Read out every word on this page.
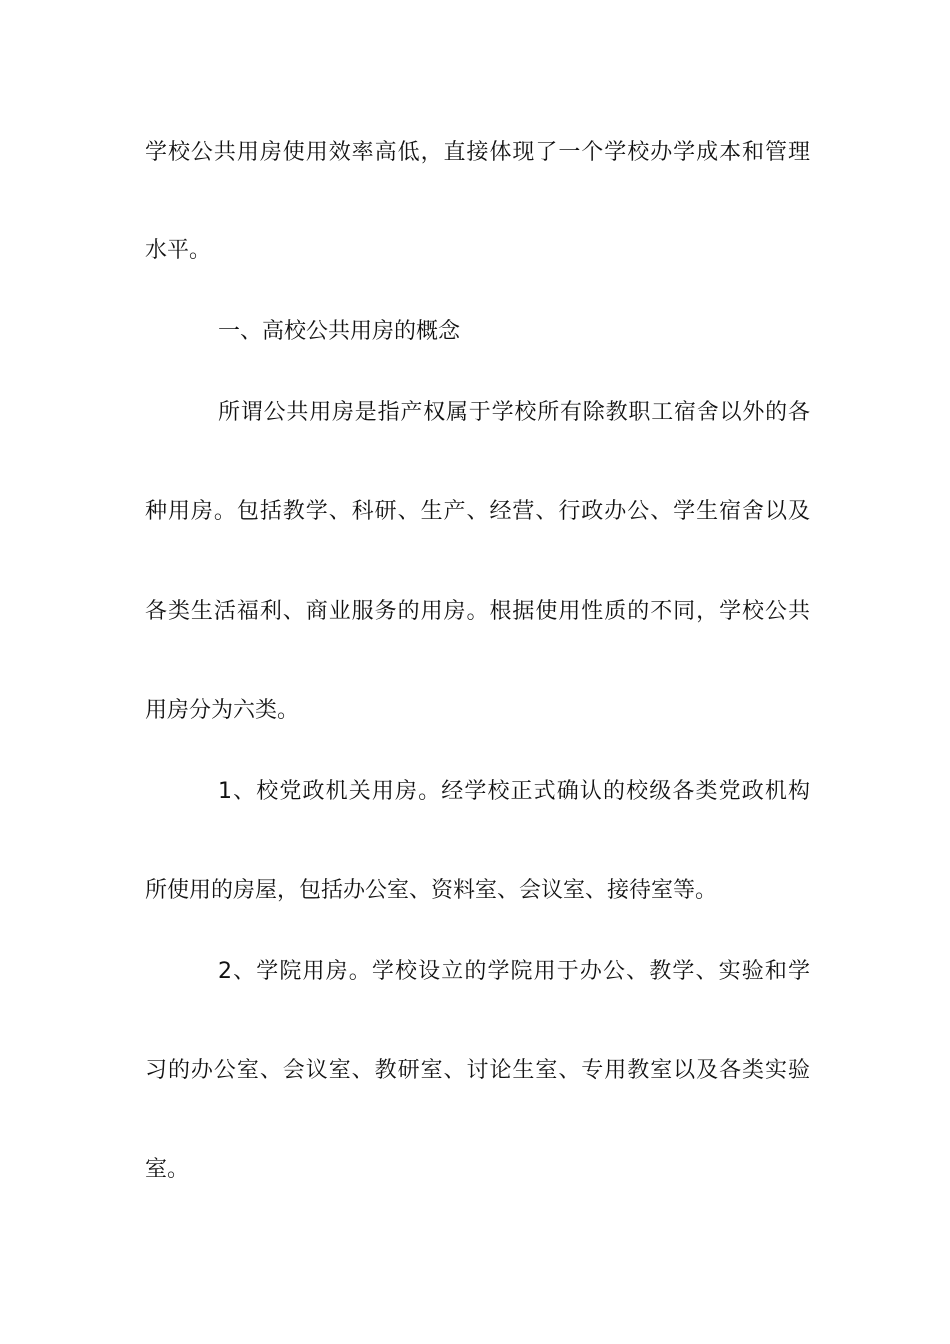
学校公共用房使用效率高低，直接体现了一个学校办学成本和管理
水平。
一、高校公共用房的概念
所谓公共用房是指产权属于学校所有除教职工宿舍以外的各
种用房。包括教学、科研、生产、经营、行政办公、学生宿舍以及
各类生活福利、商业服务的用房。根据使用性质的不同，学校公共
用房分为六类。
1、校党政机关用房。经学校正式确认的校级各类党政机构
所使用的房屋，包括办公室、资料室、会议室、接待室等。
2、学院用房。学校设立的学院用于办公、教学、实验和学
习的办公室、会议室、教研室、讨论生室、专用教室以及各类实验
室。
